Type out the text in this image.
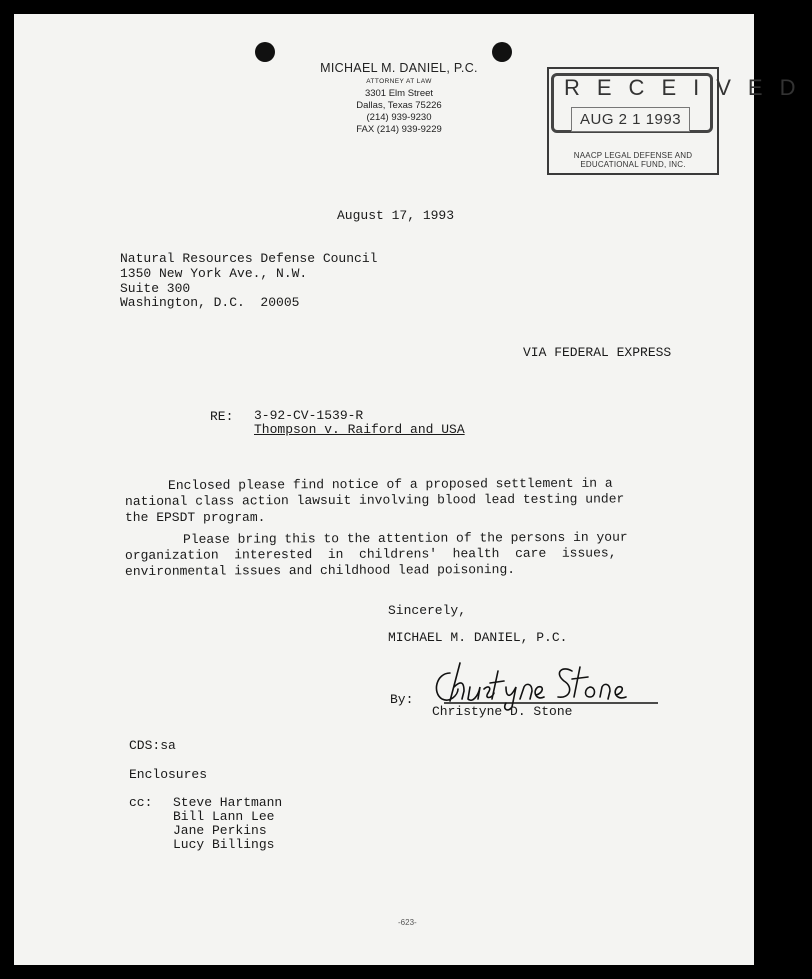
MICHAEL M. DANIEL, P.C.
ATTORNEY AT LAW
3301 Elm Street
Dallas, Texas 75226
(214) 939-9230
FAX (214) 939-9229
RECEIVED
AUG 2 1 1993
NAACP LEGAL DEFENSE AND
EDUCATIONAL FUND, INC.
August 17, 1993
Natural Resources Defense Council
1350 New York Ave., N.W.
Suite 300
Washington, D.C.  20005
VIA FEDERAL EXPRESS
RE: 3-92-CV-1539-R
Thompson v. Raiford and USA
Enclosed please find notice of a proposed settlement in a
national class action lawsuit involving blood lead testing under
the EPSDT program.
Please bring this to the attention of the persons in your
organization  interested  in  childrens'  health  care  issues,
environmental issues and childhood lead poisoning.
Sincerely,
MICHAEL M. DANIEL, P.C.
By:
Christyne D. Stone
CDS:sa
Enclosures
cc: Steve Hartmann
Bill Lann Lee
Jane Perkins
Lucy Billings
-623-
